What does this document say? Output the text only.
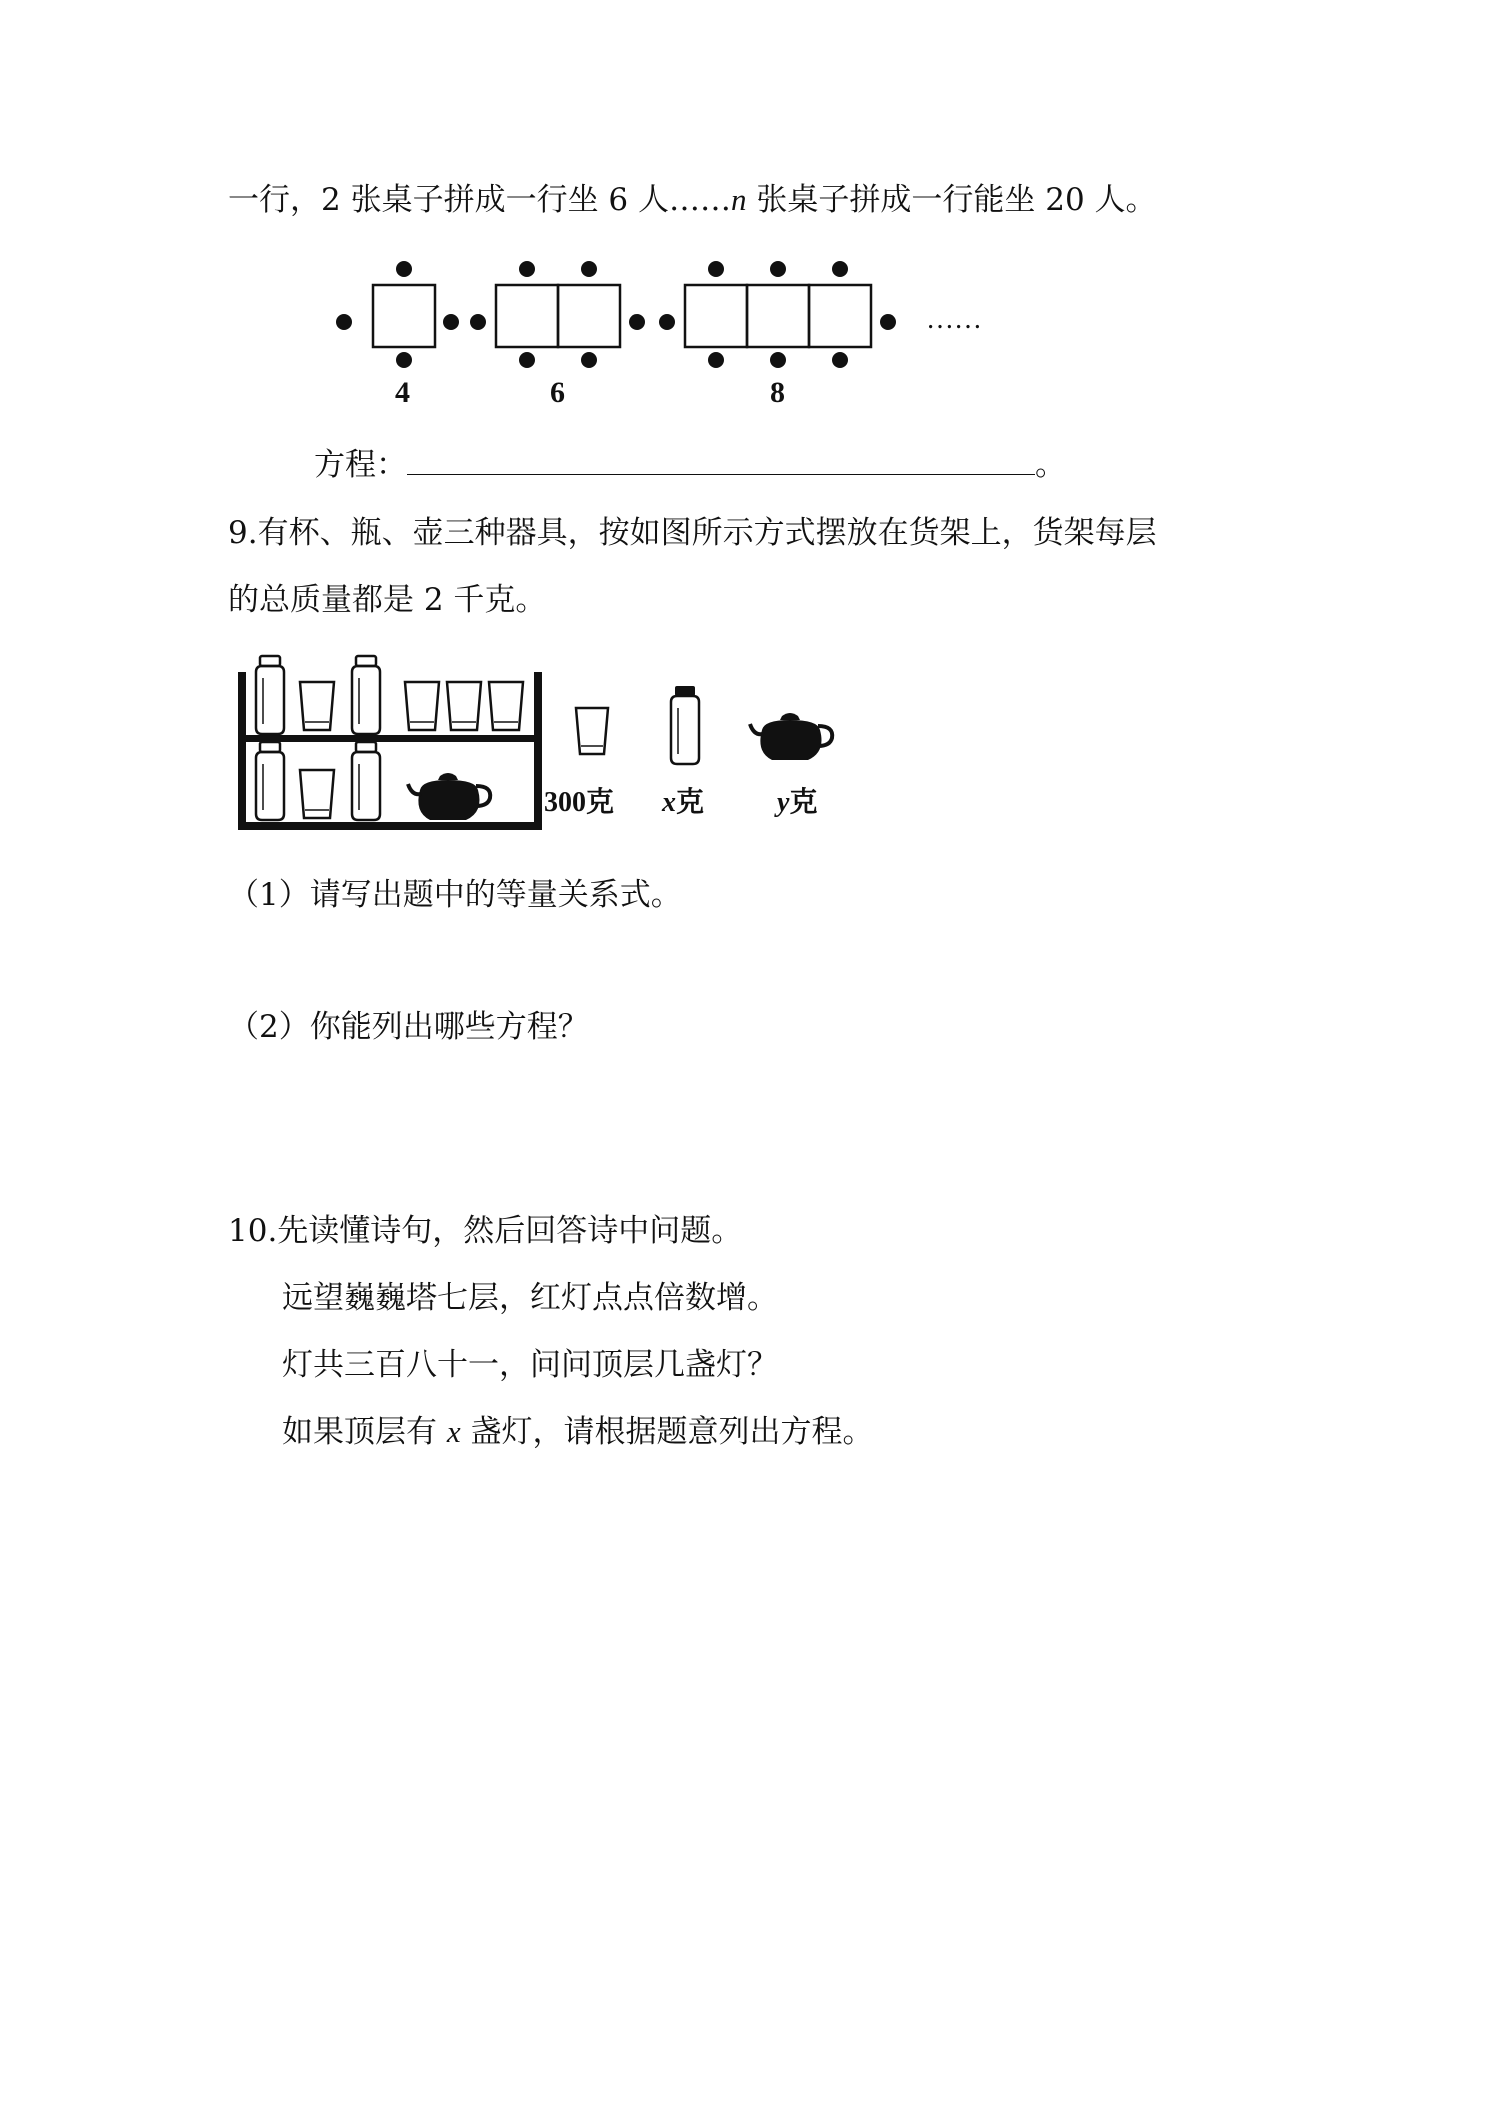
一行，2 张桌子拼成一行坐 6 人……n 张桌子拼成一行能坐 20 人。
4	6	8
……
方程：	。
9.有杯、瓶、壶三种器具，按如图所示方式摆放在货架上，货架每层
的总质量都是 2 千克。
300克 x克	y克
（1）请写出题中的等量关系式。
（2）你能列出哪些方程？
10.先读懂诗句，然后回答诗中问题。
远望巍巍塔七层，红灯点点倍数增。
灯共三百八十一，问问顶层几盏灯？
如果顶层有 x 盏灯，请根据题意列出方程。
